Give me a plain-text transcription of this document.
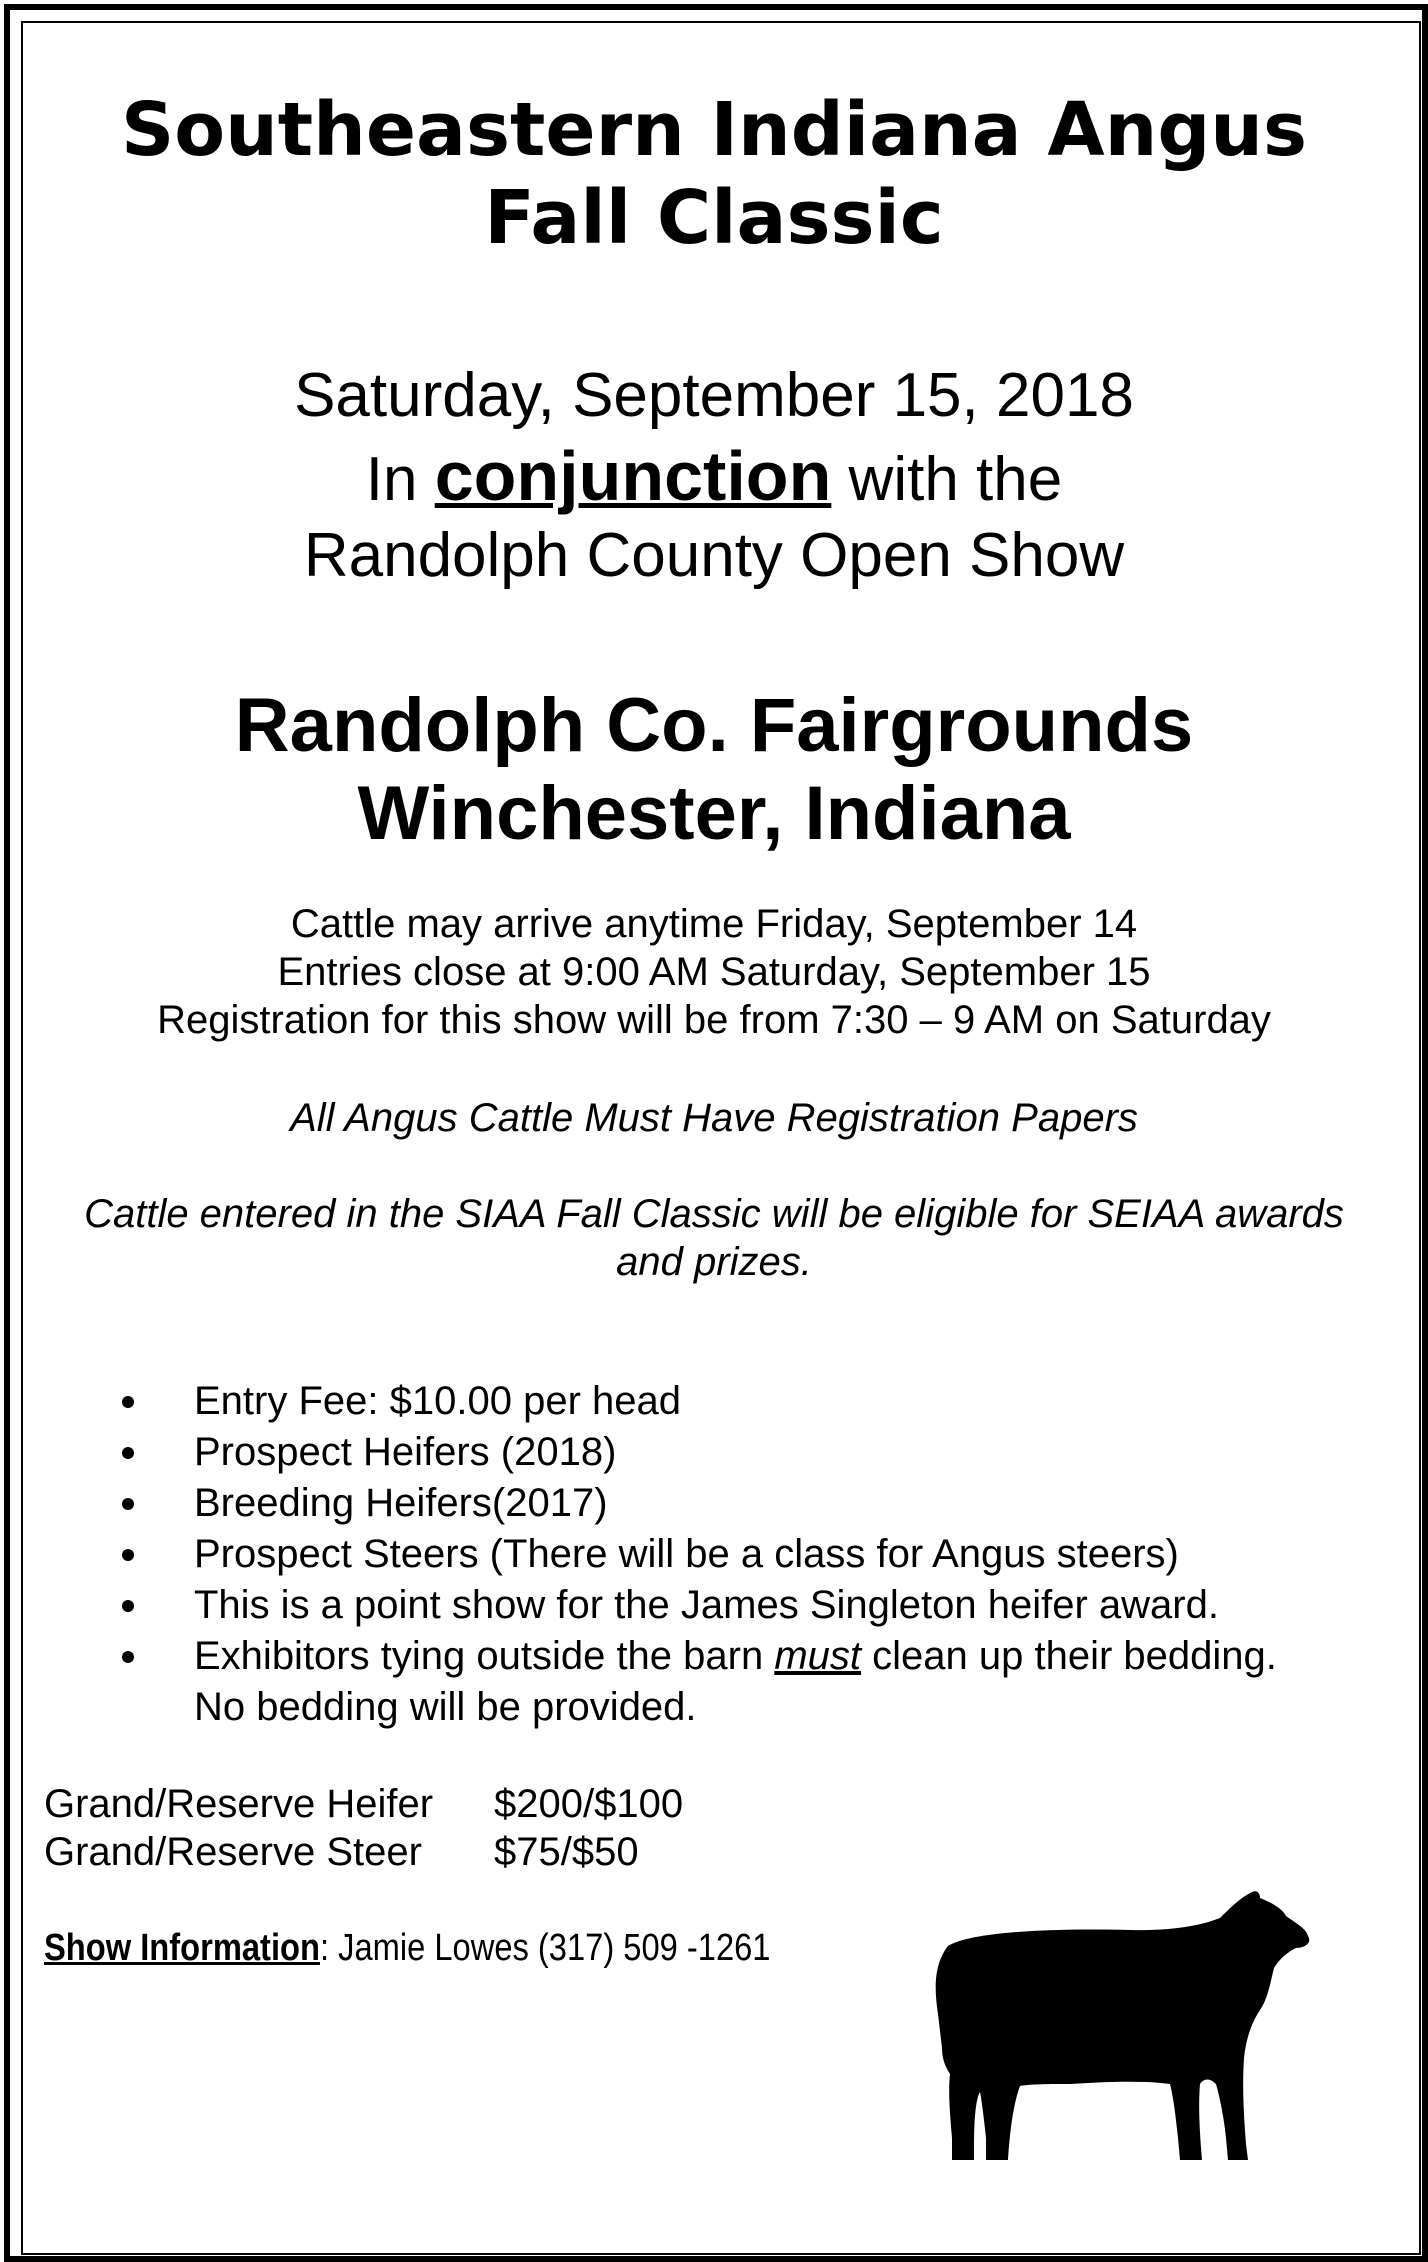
Southeastern Indiana Angus
Fall Classic
Saturday, September 15, 2018
In conjunction with the
Randolph County Open Show
Randolph Co. Fairgrounds
Winchester, Indiana
Cattle may arrive anytime Friday, September 14
Entries close at 9:00 AM Saturday, September 15
Registration for this show will be from 7:30 – 9 AM on Saturday
All Angus Cattle Must Have Registration Papers
Cattle entered in the SIAA Fall Classic will be eligible for SEIAA awards
and prizes.
Entry Fee: $10.00 per head
Prospect Heifers (2018)
Breeding Heifers(2017)
Prospect Steers (There will be a class for Angus steers)
This is a point show for the James Singleton heifer award.
Exhibitors tying outside the barn must clean up their bedding.
No bedding will be provided.
Grand/Reserve Heifer	$200/$100
Grand/Reserve Steer	$75/$50
Show Information: Jamie Lowes (317) 509 -1261
